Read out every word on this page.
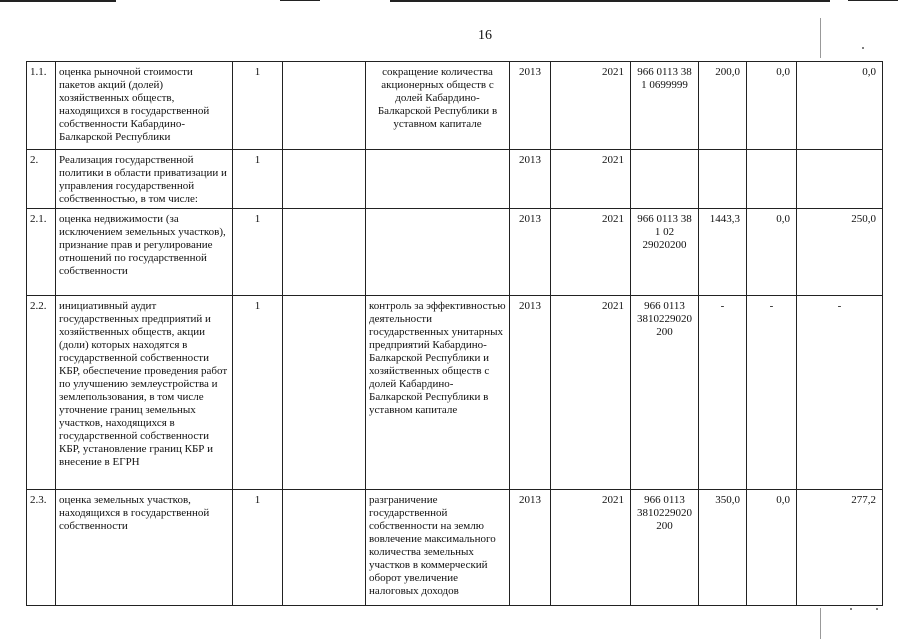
16
1.1.	оценка рыночной стоимости пакетов акций (долей) хозяйственных обществ, находящихся в государственной собственности Кабардино-Балкарской Республики	1		сокращение количества акционерных обществ с долей Кабардино-Балкарской Республики в уставном капитале	2013	2021	966 0113 38 1 0699999	200,0	0,0	0,0
2.	Реализация государственной политики в области приватизации и управления государственной собственностью, в том числе:	1			2013	2021				
2.1.	оценка недвижимости (за исключением земельных участков), признание прав и регулирование отношений по государственной собственности	1			2013	2021	966 0113 38 1 02 29020200	1443,3	0,0	250,0
2.2.	инициативный аудит государственных предприятий и хозяйственных обществ, акции (доли) которых находятся в государственной собственности КБР, обеспечение проведения работ по улучшению землеустройства и землепользования, в том числе уточнение границ земельных участков, находящихся в государственной собственности КБР, установление границ КБР и внесение в ЕГРН	1		контроль за эффективностью деятельности государственных унитарных предприятий Кабардино-Балкарской Республики и хозяйственных обществ с долей Кабардино-Балкарской Республики в уставном капитале	2013	2021	966 0113 3810229020 200	-	-	-
2.3.	оценка земельных участков, находящихся в государственной собственности	1		разграничение государственной собственности на землю вовлечение максимального количества земельных участков в коммерческий оборот увеличение налоговых доходов	2013	2021	966 0113 3810229020 200	350,0	0,0	277,2
